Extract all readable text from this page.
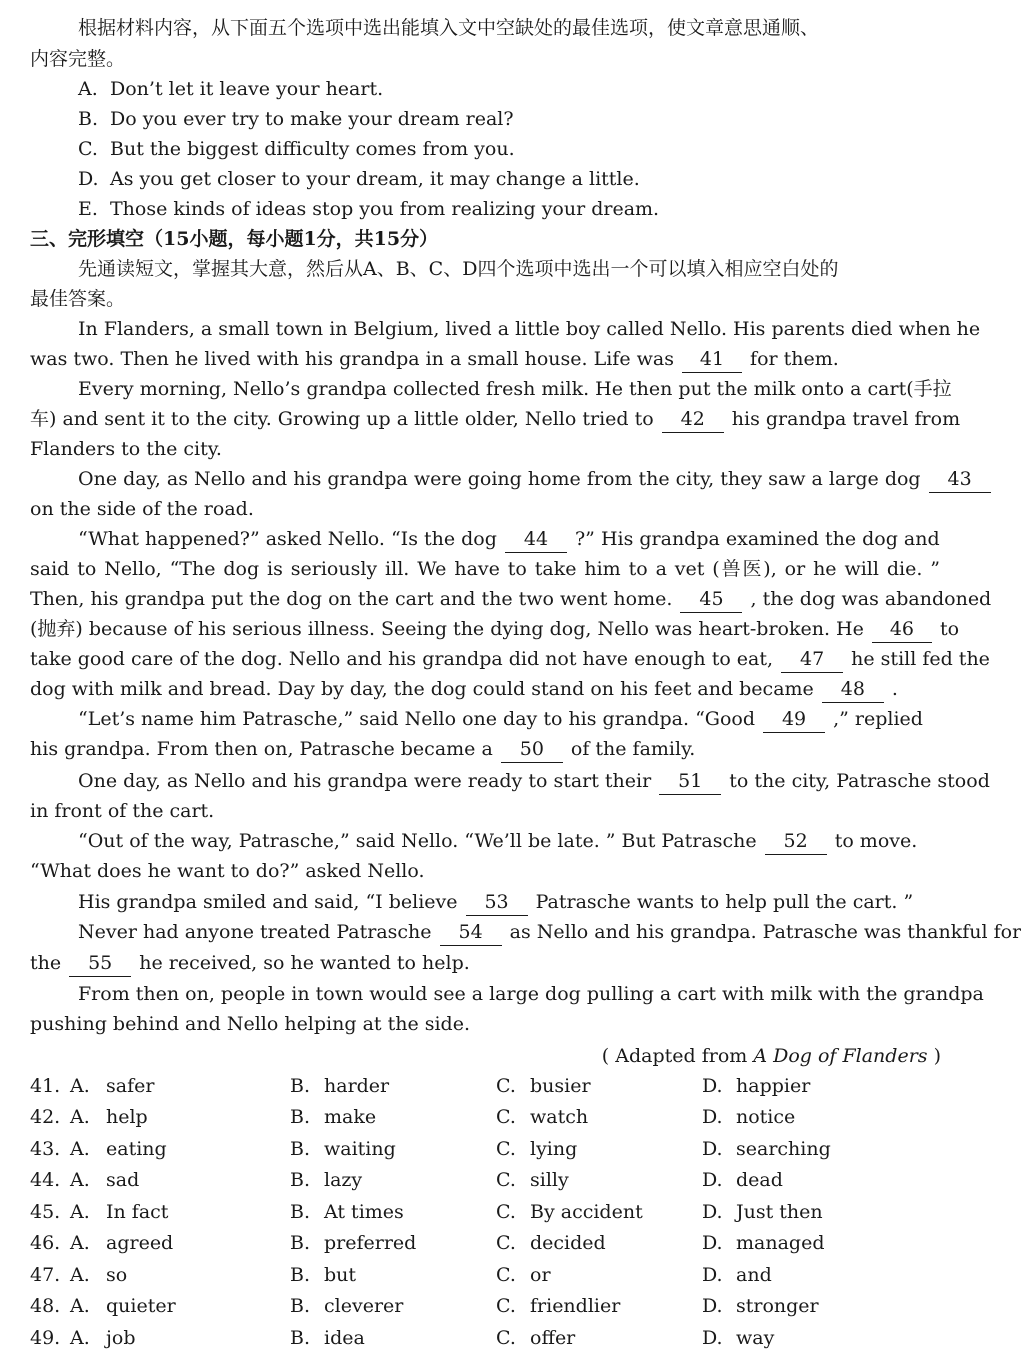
根据材料内容，从下面五个选项中选出能填入文中空缺处的最佳选项，使文章意思通顺、
内容完整。
A. Don’t let it leave your heart.
B. Do you ever try to make your dream real?
C. But the biggest difficulty comes from you.
D. As you get closer to your dream, it may change a little.
E. Those kinds of ideas stop you from realizing your dream.
三、完形填空（15小题，每小题1分，共15分）
先通读短文，掌握其大意，然后从A、B、C、D四个选项中选出一个可以填入相应空白处的
最佳答案。
In Flanders, a small town in Belgium, lived a little boy called Nello. His parents died when he
was two. Then he lived with his grandpa in a small house. Life was 41 for them.
Every morning, Nello’s grandpa collected fresh milk. He then put the milk onto a cart(手拉
车) and sent it to the city. Growing up a little older, Nello tried to 42 his grandpa travel from
Flanders to the city.
One day, as Nello and his grandpa were going home from the city, they saw a large dog 43
on the side of the road.
“What happened?” asked Nello. “Is the dog 44 ?” His grandpa examined the dog and
said to Nello, “The dog is seriously ill. We have to take him to a vet (兽医), or he will die. ”
Then, his grandpa put the dog on the cart and the two went home. 45 , the dog was abandoned
(抛弃) because of his serious illness. Seeing the dying dog, Nello was heart-broken. He 46 to
take good care of the dog. Nello and his grandpa did not have enough to eat, 47 he still fed the
dog with milk and bread. Day by day, the dog could stand on his feet and became 48 .
“Let’s name him Patrasche,” said Nello one day to his grandpa. “Good 49 ,” replied
his grandpa. From then on, Patrasche became a 50 of the family.
One day, as Nello and his grandpa were ready to start their 51 to the city, Patrasche stood
in front of the cart.
“Out of the way, Patrasche,” said Nello. “We’ll be late. ” But Patrasche 52 to move.
“What does he want to do?” asked Nello.
His grandpa smiled and said, “I believe 53 Patrasche wants to help pull the cart. ”
Never had anyone treated Patrasche 54 as Nello and his grandpa. Patrasche was thankful for
the 55 he received, so he wanted to help.
From then on, people in town would see a large dog pulling a cart with milk with the grandpa
pushing behind and Nello helping at the side.
( Adapted from A Dog of Flanders )
41. A. safer	B. harder	C. busier	D. happier
42. A. help	B. make	C. watch	D. notice
43. A. eating	B. waiting	C. lying	D. searching
44. A. sad	B. lazy	C. silly	D. dead
45. A. In fact	B. At times	C. By accident	D. Just then
46. A. agreed	B. preferred	C. decided	D. managed
47. A. so	B. but	C. or	D. and
48. A. quieter	B. cleverer	C. friendlier	D. stronger
49. A. job	B. idea	C. offer	D. way
